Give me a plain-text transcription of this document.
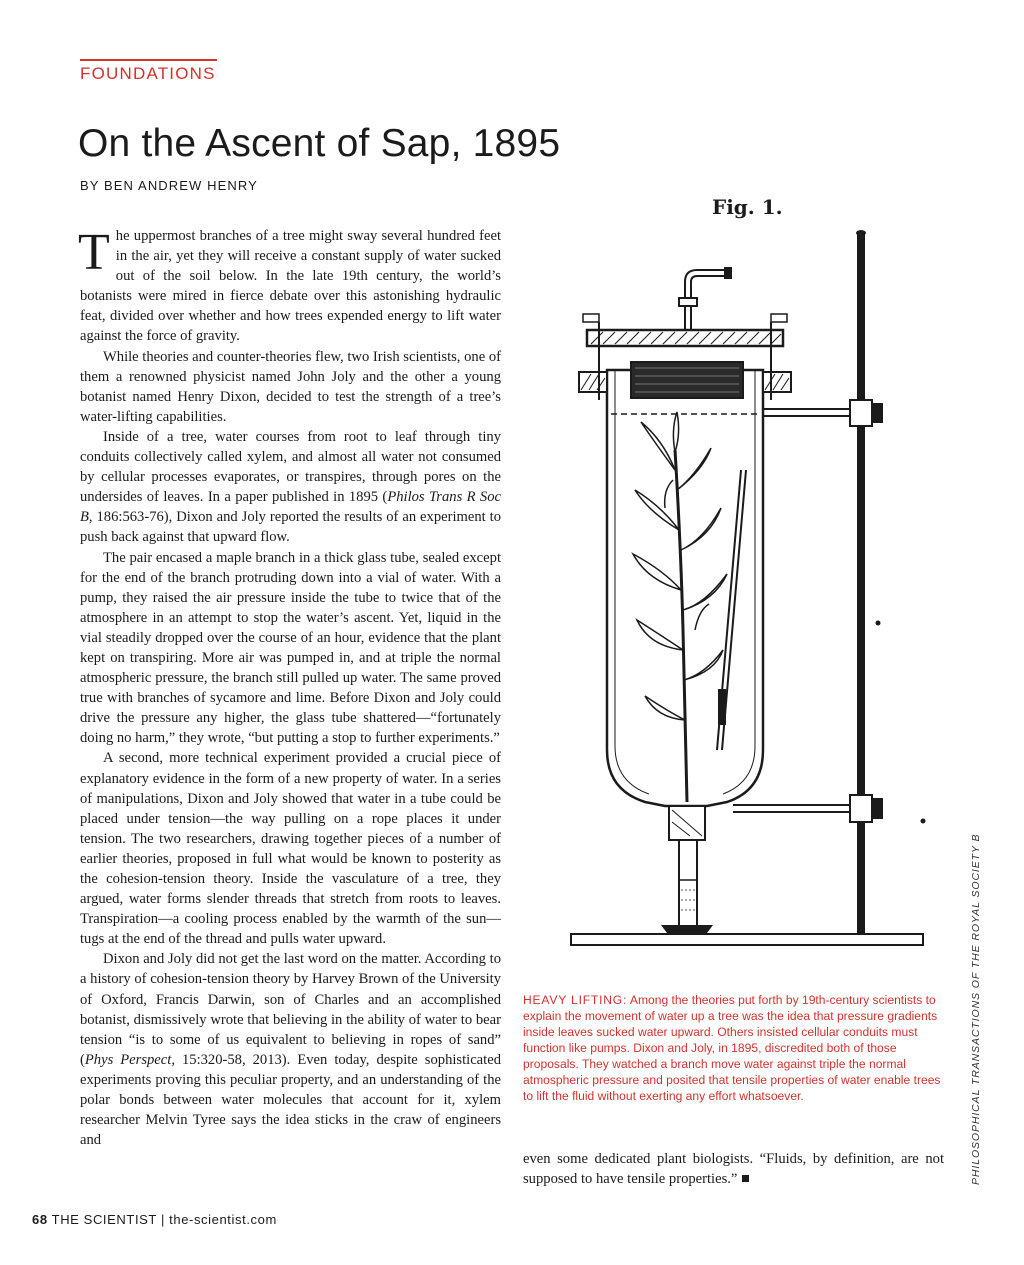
FOUNDATIONS
On the Ascent of Sap, 1895
BY BEN ANDREW HENRY

The uppermost branches of a tree might sway several hundred feet in the air, yet they will receive a constant supply of water sucked out of the soil below. In the late 19th century, the world’s botanists were mired in fierce debate over this astonishing hydraulic feat, divided over whether and how trees expended energy to lift water against the force of gravity.

While theories and counter-theories flew, two Irish scientists, one of them a renowned physicist named John Joly and the other a young botanist named Henry Dixon, decided to test the strength of a tree’s water-lifting capabilities.

Inside of a tree, water courses from root to leaf through tiny conduits collectively called xylem, and almost all water not consumed by cellular processes evaporates, or transpires, through pores on the undersides of leaves. In a paper published in 1895 (Philos Trans R Soc B, 186:563-76), Dixon and Joly reported the results of an experiment to push back against that upward flow.

The pair encased a maple branch in a thick glass tube, sealed except for the end of the branch protruding down into a vial of water. With a pump, they raised the air pressure inside the tube to twice that of the atmosphere in an attempt to stop the water’s ascent. Yet, liquid in the vial steadily dropped over the course of an hour, evidence that the plant kept on transpiring. More air was pumped in, and at triple the normal atmospheric pressure, the branch still pulled up water. The same proved true with branches of sycamore and lime. Before Dixon and Joly could drive the pressure any higher, the glass tube shattered—“fortunately doing no harm,” they wrote, “but putting a stop to further experiments.”

A second, more technical experiment provided a crucial piece of explanatory evidence in the form of a new property of water. In a series of manipulations, Dixon and Joly showed that water in a tube could be placed under tension—the way pulling on a rope places it under tension. The two researchers, drawing together pieces of a number of earlier theories, proposed in full what would be known to posterity as the cohesion-tension theory. Inside the vasculature of a tree, they argued, water forms slender threads that stretch from roots to leaves. Transpiration—a cooling process enabled by the warmth of the sun—tugs at the end of the thread and pulls water upward.

Dixon and Joly did not get the last word on the matter. According to a history of cohesion-tension theory by Harvey Brown of the University of Oxford, Francis Darwin, son of Charles and an accomplished botanist, dismissively wrote that believing in the ability of water to bear tension “is to some of us equivalent to believing in ropes of sand” (Phys Perspect, 15:320-58, 2013). Even today, despite sophisticated experiments proving this peculiar property, and an understanding of the polar bonds between water molecules that account for it, xylem researcher Melvin Tyree says the idea sticks in the craw of engineers and

even some dedicated plant biologists. “Fluids, by definition, are not supposed to have tensile properties.”

Fig. 1.
HEAVY LIFTING: Among the theories put forth by 19th-century scientists to explain the movement of water up a tree was the idea that pressure gradients inside leaves sucked water upward. Others insisted cellular conduits must function like pumps. Dixon and Joly, in 1895, discredited both of those proposals. They watched a branch move water against triple the normal atmospheric pressure and posited that tensile properties of water enable trees to lift the fluid without exerting any effort whatsoever.	PHILOSOPHICAL TRANSACTIONS OF THE ROYAL SOCIETY B
68 THE SCIENTIST | the-scientist.com
